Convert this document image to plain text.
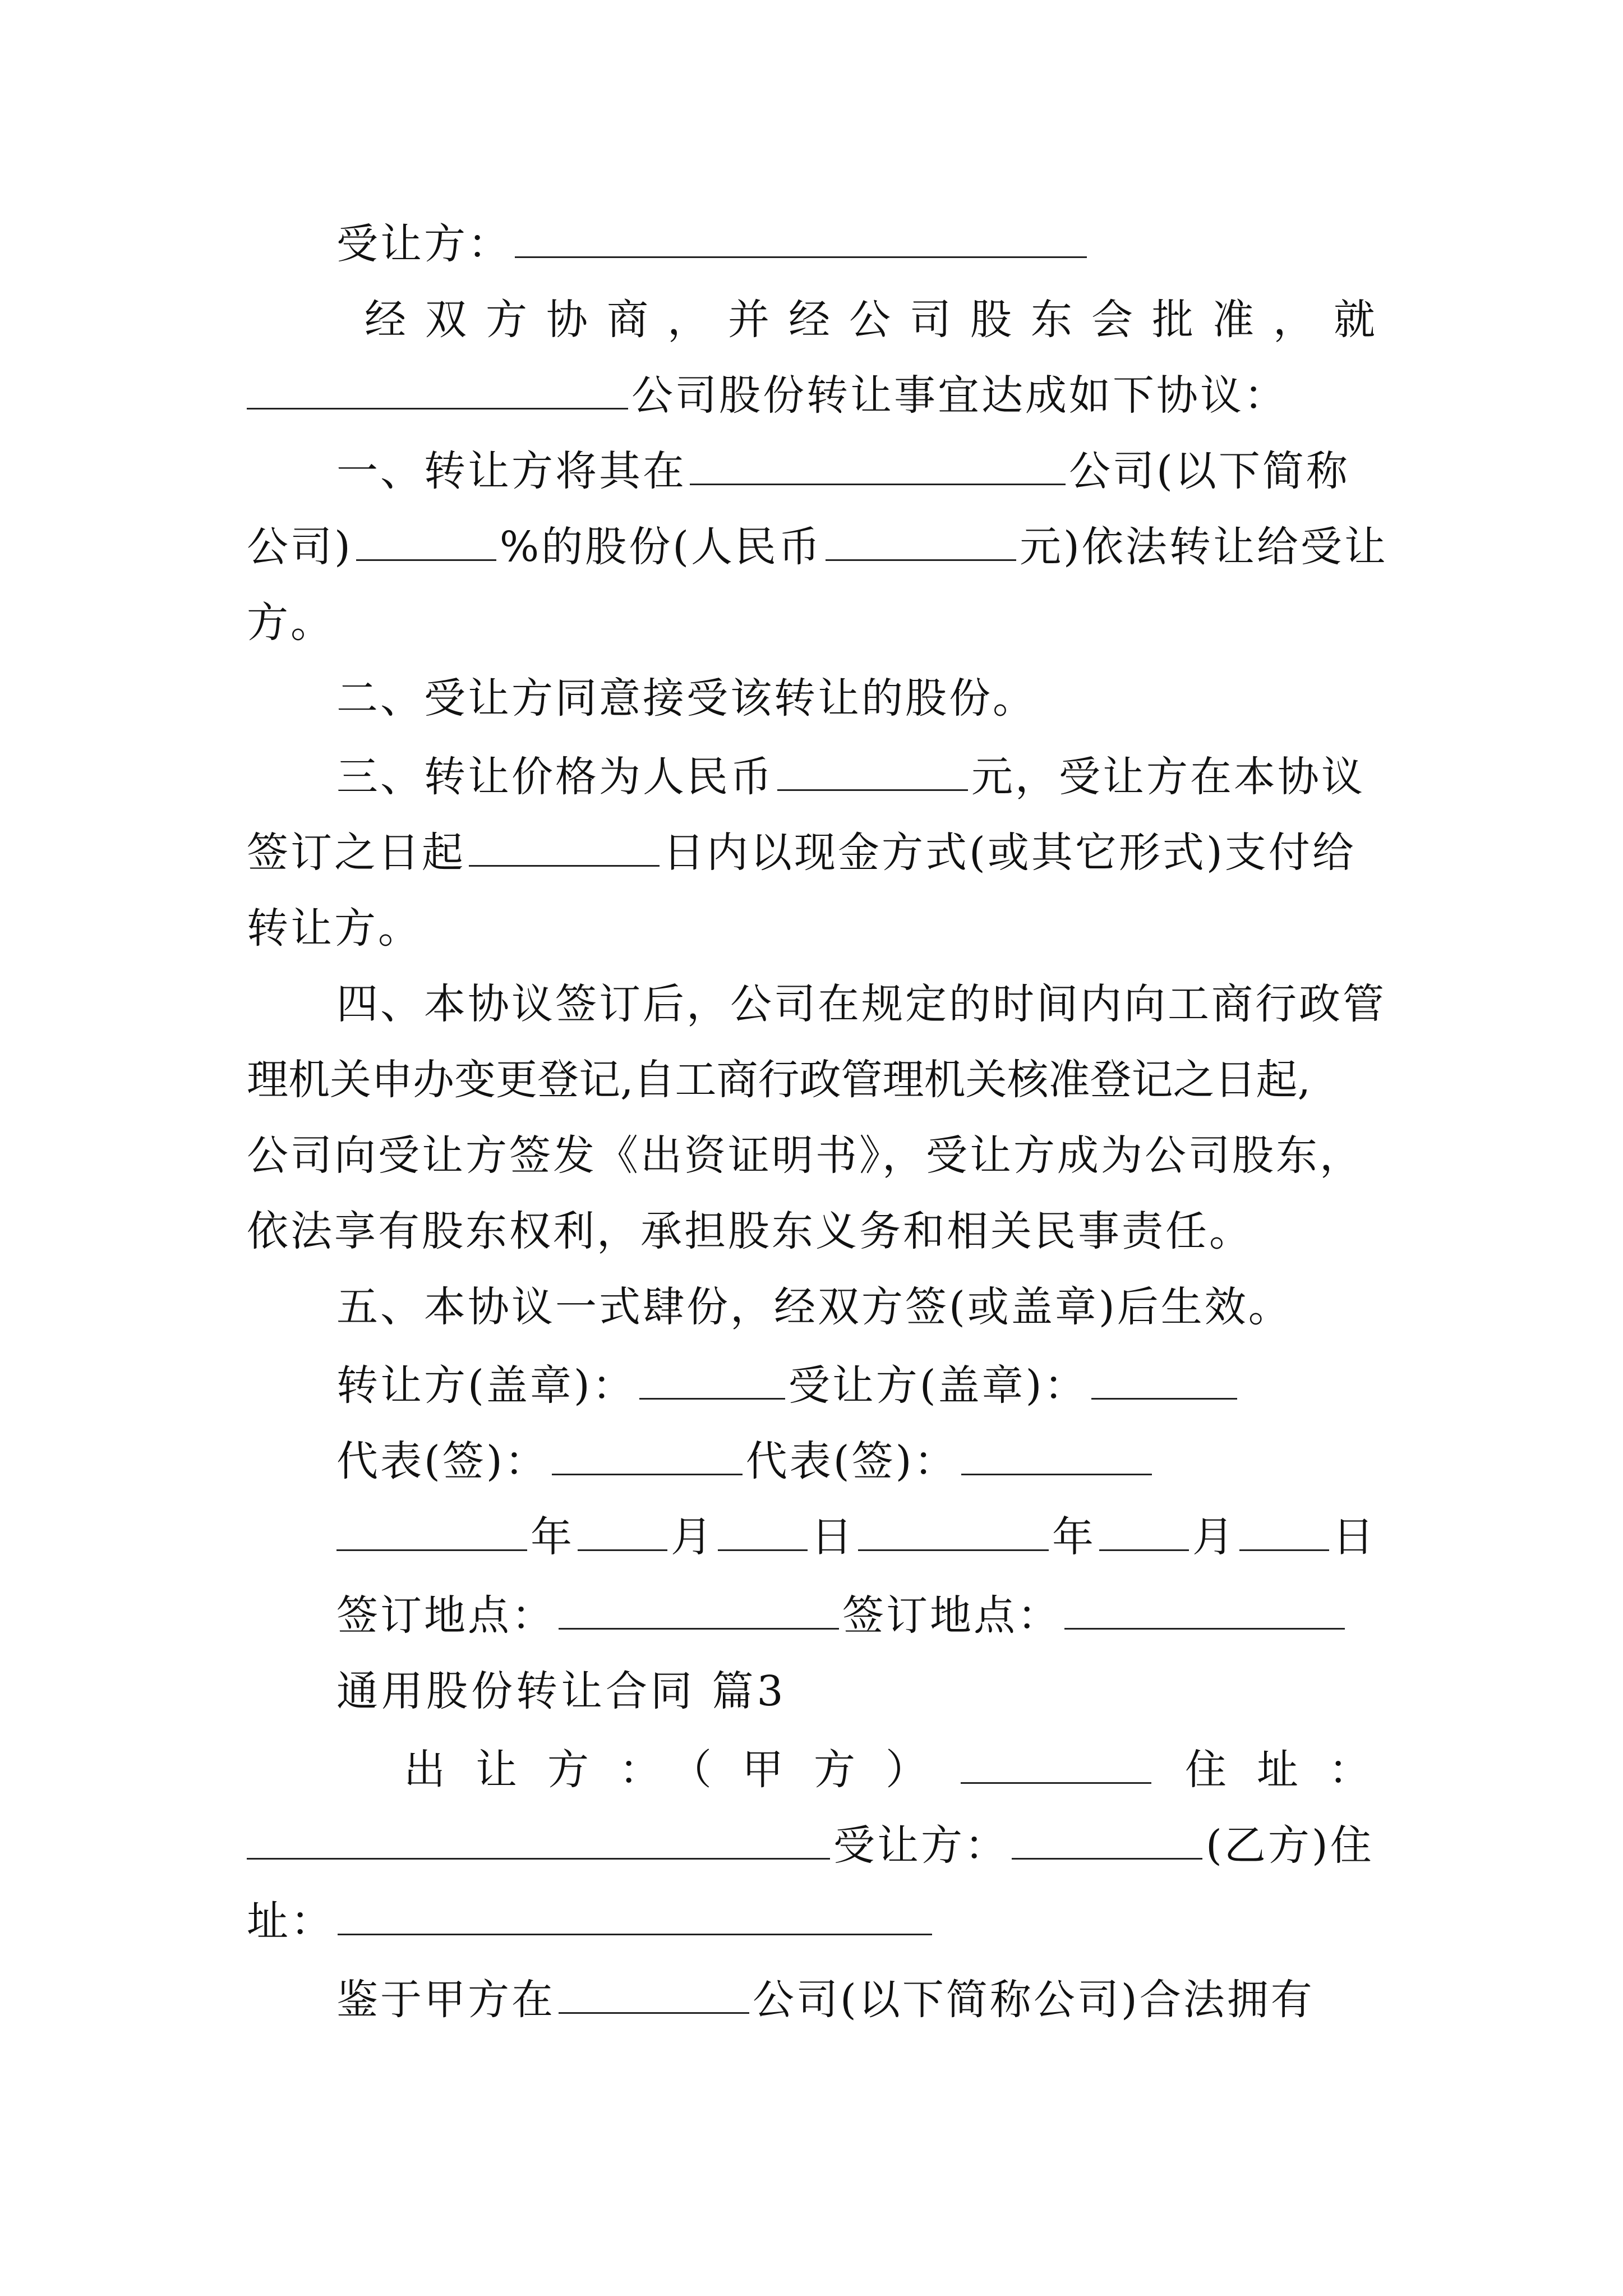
受让方：
经双方协商，并经公司股东会批准，就
公司股份转让事宜达成如下协议：
一、转让方将其在	公司(以下简称
公司)	%的股份(人民币	元)依法转让给受让
方。
二、受让方同意接受该转让的股份。
三、转让价格为人民币	元，受让方在本协议
签订之日起	日内以现金方式(或其它形式)支付给
转让方。
四、本协议签订后，公司在规定的时间内向工商行政管
理机关申办变更登记,自工商行政管理机关核准登记之日起,
公司向受让方签发《出资证明书》，受让方成为公司股东，
依法享有股东权利，承担股东义务和相关民事责任。
五、本协议一式肆份，经双方签(或盖章)后生效。
转让方(盖章)：	受让方(盖章)：
代表(签)：	代表(签)：
年 月 日	年 月 日
签订地点：	签订地点：
通用股份转让合同 篇3
出让方：（甲方）	住址：
受让方：	(乙方)住
址：
鉴于甲方在	公司(以下简称公司)合法拥有
